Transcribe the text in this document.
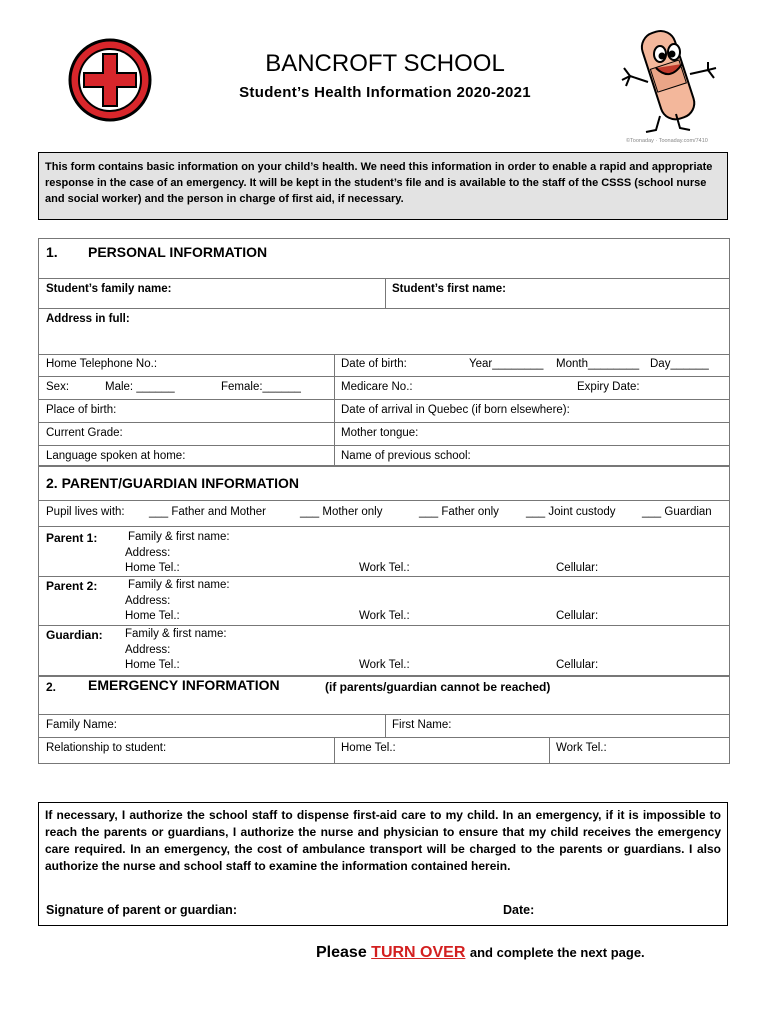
BANCROFT SCHOOL
Student’s Health Information 2020-2021
©Toonaday · Toonaday.com/7410
This form contains basic information on your child’s health. We need this information in order to enable a rapid and appropriate response in the case of an emergency. It will be kept in the student’s file and is available to the staff of the CSSS (school nurse and social worker) and the person in charge of first aid, if necessary.
1. PERSONAL INFORMATION
Student’s family name:	Student’s first name:
Address in full:
Home Telephone No.:	Date of birth:	Year________ Month________ Day______
Sex:	Male: ______	Female:______	Medicare No.:	Expiry Date:
Place of birth:	Date of arrival in Quebec (if born elsewhere):
Current Grade:	Mother tongue:
Language spoken at home:	Name of previous school:
2. PARENT/GUARDIAN INFORMATION
Pupil lives with: ___ Father and Mother	___ Mother only	___ Father only ___ Joint custody ___ Guardian
Parent 1:	Family & first name:
Address:
Home Tel.:	Work Tel.:	Cellular:
Parent 2:	Family & first name:
Address:
Home Tel.:	Work Tel.:	Cellular:
Guardian: Family & first name:
Address:
Home Tel.:	Work Tel.:	Cellular:
2. EMERGENCY INFORMATION	(if parents/guardian cannot be reached)
Family Name:	First Name:
Relationship to student:	Home Tel.:	Work Tel.:
If necessary, I authorize the school staff to dispense first-aid care to my child. In an emergency, if it is impossible to reach the parents or guardians, I authorize the nurse and physician to ensure that my child receives the emergency care required. In an emergency, the cost of ambulance transport will be charged to the parents or guardians. I also authorize the nurse and school staff to examine the information contained herein.
Signature of parent or guardian:	Date:
Please TURN OVER and complete the next page.
